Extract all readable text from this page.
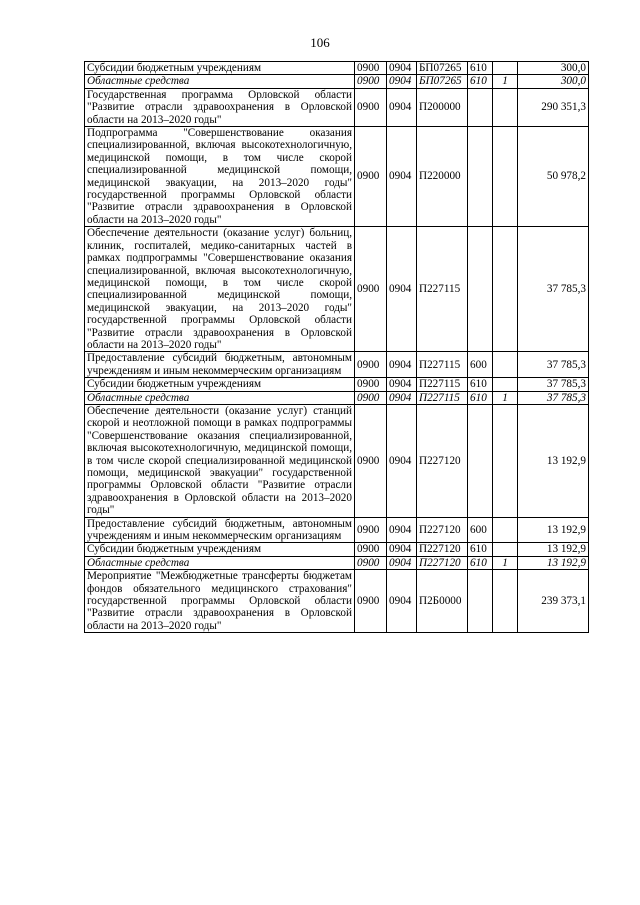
106
Субсидии бюджетным учреждениям	0900	0904	БП07265	610		300,0
Областные средства	0900	0904	БП07265	610	1	300,0
Государственная программа Орловской области "Развитие отрасли здравоохранения в Орловской области на 2013–2020 годы"	0900	0904	П200000			290 351,3
Подпрограмма "Совершенствование оказания специализированной, включая высокотехнологичную, медицинской помощи, в том числе скорой специализированной медицинской помощи, медицинской эвакуации, на 2013–2020 годы" государственной программы Орловской области "Развитие отрасли здравоохранения в Орловской области на 2013–2020 годы"	0900	0904	П220000			50 978,2
Обеспечение деятельности (оказание услуг) больниц, клиник, госпиталей, медико-санитарных частей в рамках подпрограммы "Совершенствование оказания специализированной, включая высокотехнологичную, медицинской помощи, в том числе скорой специализированной медицинской помощи, медицинской эвакуации, на 2013–2020 годы" государственной программы Орловской области "Развитие отрасли здравоохранения в Орловской области на 2013–2020 годы"	0900	0904	П227115			37 785,3
Предоставление субсидий бюджетным, автономным учреждениям и иным некоммерческим организациям	0900	0904	П227115	600		37 785,3
Субсидии бюджетным учреждениям	0900	0904	П227115	610		37 785,3
Областные средства	0900	0904	П227115	610	1	37 785,3
Обеспечение деятельности (оказание услуг) станций скорой и неотложной помощи в рамках подпрограммы "Совершенствование оказания специализированной, включая высокотехнологичную, медицинской помощи, в том числе скорой специализированной медицинской помощи, медицинской эвакуации" государственной программы Орловской области "Развитие отрасли здравоохранения в Орловской области на 2013–2020 годы"	0900	0904	П227120			13 192,9
Предоставление субсидий бюджетным, автономным учреждениям и иным некоммерческим организациям	0900	0904	П227120	600		13 192,9
Субсидии бюджетным учреждениям	0900	0904	П227120	610		13 192,9
Областные средства	0900	0904	П227120	610	1	13 192,9
Мероприятие "Межбюджетные трансферты бюджетам фондов обязательного медицинского страхования" государственной программы Орловской области "Развитие отрасли здравоохранения в Орловской области на 2013–2020 годы"	0900	0904	П2Б0000			239 373,1
